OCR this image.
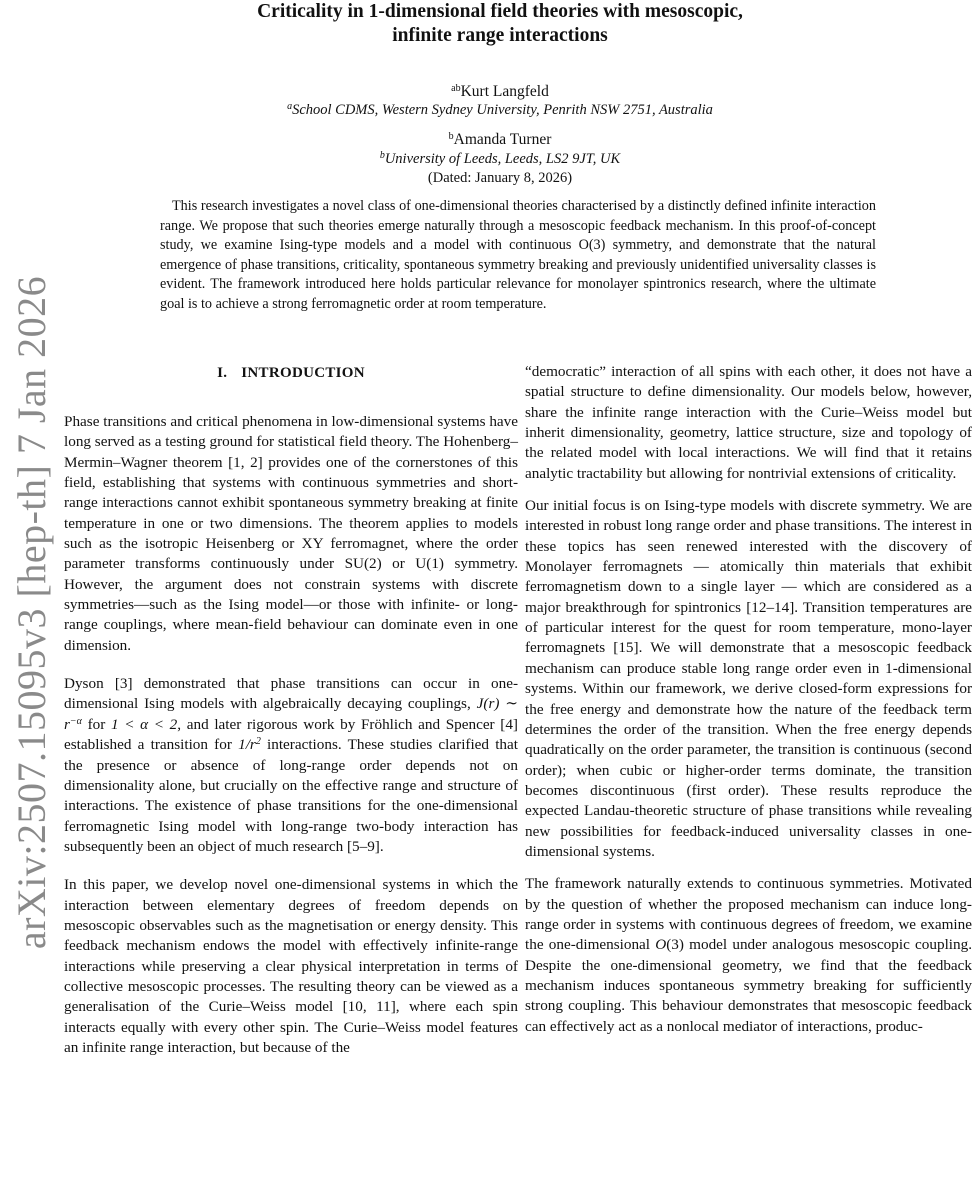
arXiv:2507.15095v3 [hep-th] 7 Jan 2026
Criticality in 1-dimensional field theories with mesoscopic,
infinite range interactions
$^{ab}$Kurt Langfeld
$^a$School CDMS, Western Sydney University, Penrith NSW 2751, Australia
$^b$Amanda Turner
$^b$University of Leeds, Leeds, LS2 9JT, UK
(Dated: January 8, 2026)
This research investigates a novel class of one-dimensional theories characterised by a distinctly defined infinite interaction range. We propose that such theories emerge naturally through a mesoscopic feedback mechanism. In this proof-of-concept study, we examine Ising-type models and a model with continuous O(3) symmetry, and demonstrate that the natural emergence of phase transitions, criticality, spontaneous symmetry breaking and previously unidentified universality classes is evident. The framework introduced here holds particular relevance for monolayer spintronics research, where the ultimate goal is to achieve a strong ferromagnetic order at room temperature.
I. INTRODUCTION

Phase transitions and critical phenomena in low-dimensional systems have long served as a testing ground for statistical field theory. The Hohenberg–Mermin–Wagner theorem [1, 2] provides one of the cornerstones of this field, establishing that systems with continuous symmetries and short-range interactions cannot exhibit spontaneous symmetry breaking at finite temperature in one or two dimensions. The theorem applies to models such as the isotropic Heisenberg or XY ferromagnet, where the order parameter transforms continuously under SU(2) or U(1) symmetry. However, the argument does not constrain systems with discrete symmetries—such as the Ising model—or those with infinite- or long-range couplings, where mean-field behaviour can dominate even in one dimension.

Dyson [3] demonstrated that phase transitions can occur in one-dimensional Ising models with algebraically decaying couplings, J(r) ∼ $r^{-\alpha}$ for 1 < α < 2, and later rigorous work by Fröhlich and Spencer [4] established a transition for $1/r^2$ interactions. These studies clarified that the presence or absence of long-range order depends not on dimensionality alone, but crucially on the effective range and structure of interactions. The existence of phase transitions for the one-dimensional ferromagnetic Ising model with long-range two-body interaction has subsequently been an object of much research [5–9].

In this paper, we develop novel one-dimensional systems in which the interaction between elementary degrees of freedom depends on mesoscopic observables such as the magnetisation or energy density. This feedback mechanism endows the model with effectively infinite-range interactions while preserving a clear physical interpretation in terms of collective mesoscopic processes. The resulting theory can be viewed as a generalisation of the Curie–Weiss model [10, 11], where each spin interacts equally with every other spin. The Curie–Weiss model features an infinite range interaction, but because of the

“democratic” interaction of all spins with each other, it does not have a spatial structure to define dimensionality. Our models below, however, share the infinite range interaction with the Curie–Weiss model but inherit dimensionality, geometry, lattice structure, size and topology of the related model with local interactions. We will find that it retains analytic tractability but allowing for nontrivial extensions of criticality.

Our initial focus is on Ising-type models with discrete symmetry. We are interested in robust long range order and phase transitions. The interest in these topics has seen renewed interested with the discovery of Monolayer ferromagnets — atomically thin materials that exhibit ferromagnetism down to a single layer — which are considered as a major breakthrough for spintronics [12–14]. Transition temperatures are of particular interest for the quest for room temperature, mono-layer ferromagnets [15]. We will demonstrate that a mesoscopic feedback mechanism can produce stable long range order even in 1-dimensional systems. Within our framework, we derive closed-form expressions for the free energy and demonstrate how the nature of the feedback term determines the order of the transition. When the free energy depends quadratically on the order parameter, the transition is continuous (second order); when cubic or higher-order terms dominate, the transition becomes discontinuous (first order). These results reproduce the expected Landau-theoretic structure of phase transitions while revealing new possibilities for feedback-induced universality classes in one-dimensional systems.

The framework naturally extends to continuous symmetries. Motivated by the question of whether the proposed mechanism can induce long-range order in systems with continuous degrees of freedom, we examine the one-dimensional O(3) model under analogous mesoscopic coupling. Despite the one-dimensional geometry, we find that the feedback mechanism induces spontaneous symmetry breaking for sufficiently strong coupling. This behaviour demonstrates that mesoscopic feedback can effectively act as a nonlocal mediator of interactions, produc-
